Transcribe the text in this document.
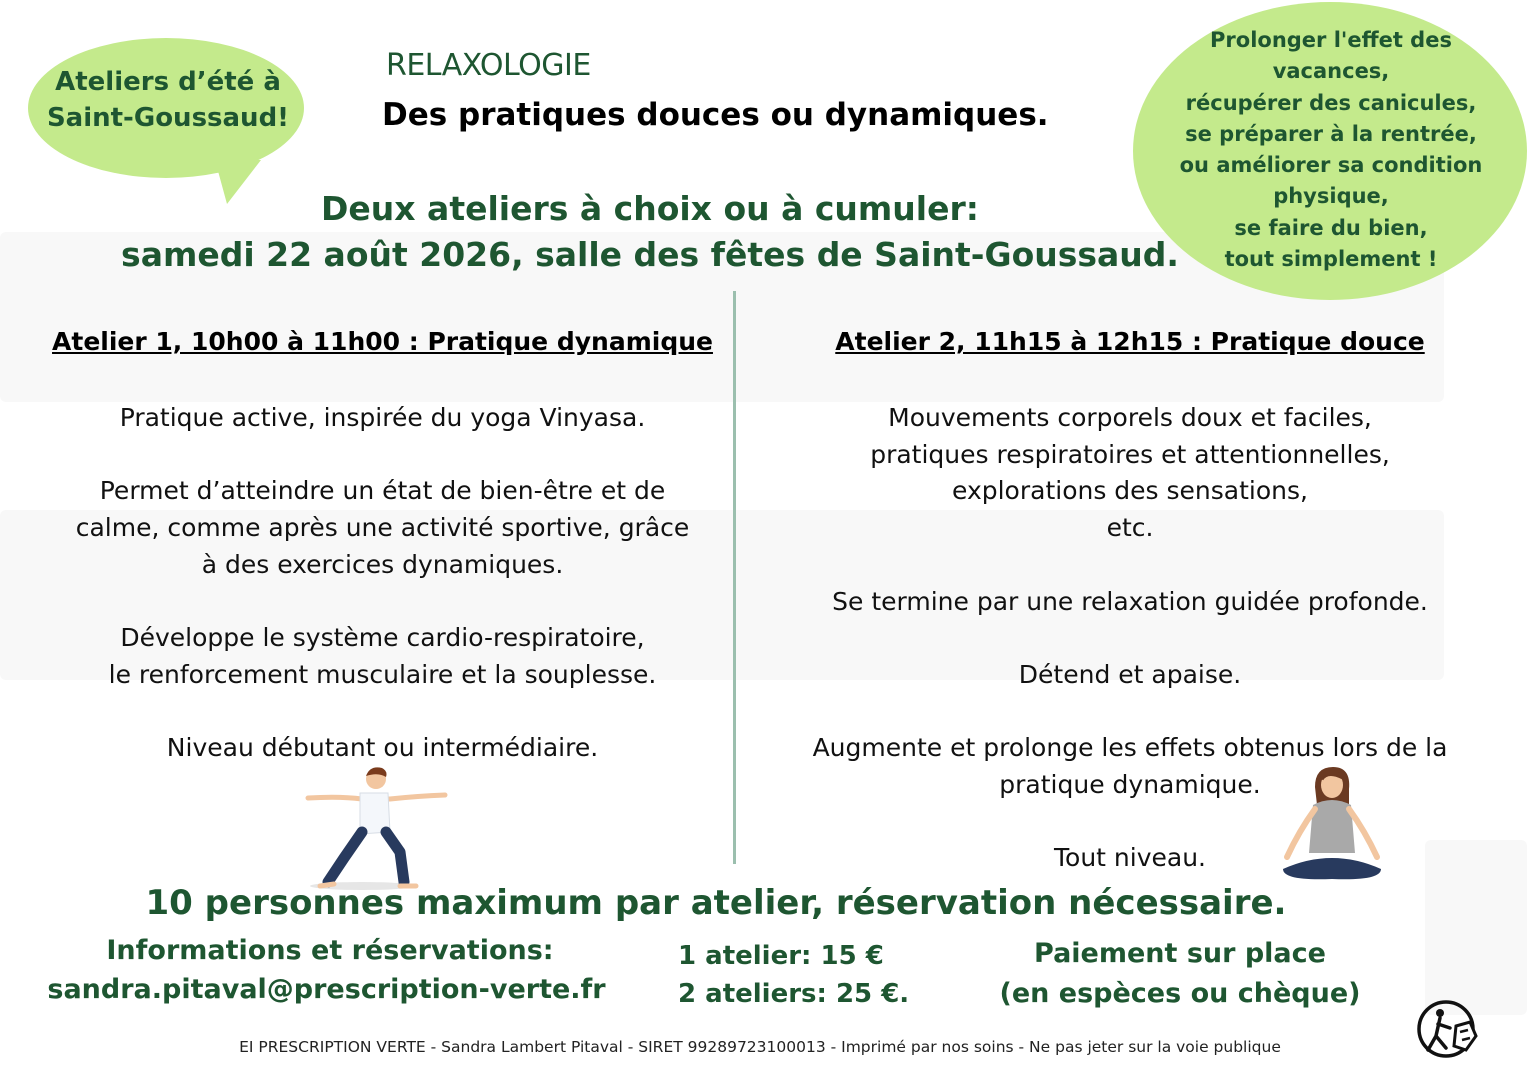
Ateliers d’été à
Saint-Goussaud!
RELAXOLOGIE
Des pratiques douces ou dynamiques.
Prolonger l'effet des
vacances,
récupérer des canicules,
se préparer à la rentrée,
ou améliorer sa condition
physique,
se faire du bien,
tout simplement !
Deux ateliers à choix ou à cumuler:
samedi 22 août 2026, salle des fêtes de Saint-Goussaud.
Atelier 1, 10h00 à 11h00 : Pratique dynamique	Atelier 2, 11h15 à 12h15 : Pratique douce

Pratique active, inspirée du yoga Vinyasa.

Permet d’atteindre un état de bien-être et de
calme, comme après une activité sportive, grâce
à des exercices dynamiques.

Développe le système cardio-respiratoire,
le renforcement musculaire et la souplesse.

Niveau débutant ou intermédiaire.

Mouvements corporels doux et faciles,
pratiques respiratoires et attentionnelles,
explorations des sensations,
etc.

Se termine par une relaxation guidée profonde.

Détend et apaise.

Augmente et prolonge les effets obtenus lors de la
pratique dynamique.

Tout niveau.

10 personnes maximum par atelier, réservation nécessaire.
Informations et réservations:
sandra.pitaval@prescription-verte.fr
1 atelier: 15 €
2 ateliers: 25 €.
Paiement sur place
(en espèces ou chèque)
EI PRESCRIPTION VERTE - Sandra Lambert Pitaval - SIRET 99289723100013 - Imprimé par nos soins - Ne pas jeter sur la voie publique
